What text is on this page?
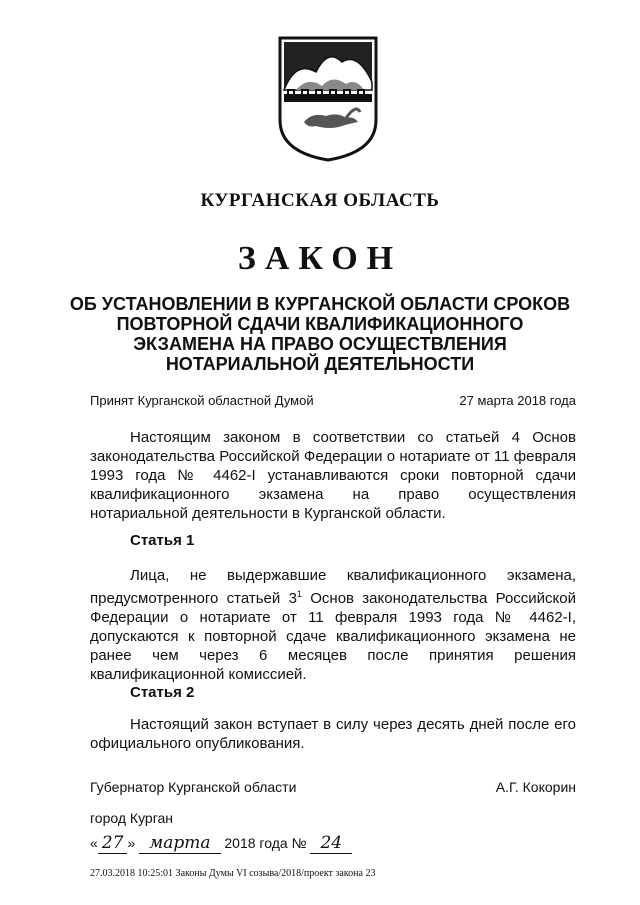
КУРГАНСКАЯ ОБЛАСТЬ
ЗАКОН
ОБ УСТАНОВЛЕНИИ В КУРГАНСКОЙ ОБЛАСТИ СРОКОВ
ПОВТОРНОЙ СДАЧИ КВАЛИФИКАЦИОННОГО
ЭКЗАМЕНА НА ПРАВО ОСУЩЕСТВЛЕНИЯ
НОТАРИАЛЬНОЙ ДЕЯТЕЛЬНОСТИ
Принят Курганской областной Думой	27 марта 2018 года

Настоящим законом в соответствии со статьей 4 Основ законодательства Российской Федерации о нотариате от 11 февраля 1993 года № 4462-I устанавливаются сроки повторной сдачи квалификационного экзамена на право осуществления нотариальной деятельности в Курганской области.

Статья 1

Лица, не выдержавшие квалификационного экзамена, предусмотренного статьей $3^1$ Основ законодательства Российской Федерации о нотариате от 11 февраля 1993 года № 4462-I, допускаются к повторной сдаче квалификационного экзамена не ранее чем через 6 месяцев после принятия решения квалификационной комиссией.

Статья 2

Настоящий закон вступает в силу через десять дней после его официального опубликования.

Губернатор Курганской области	А.Г. Кокорин
город Курган
« 27 » марта 2018 года № 24
27.03.2018 10:25:01 Законы Думы VI созыва/2018/проект закона 23
